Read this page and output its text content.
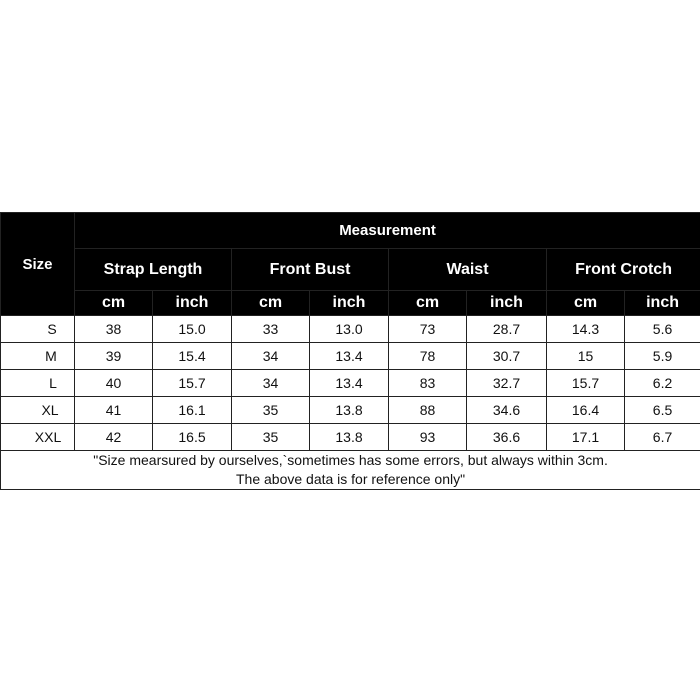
Size	Measurement							
	Strap Length		Front Bust		Waist		Front Crotch	
	cm	inch	cm	inch	cm	inch	cm	inch
S	38	15.0	33	13.0	73	28.7	14.3	5.6
M	39	15.4	34	13.4	78	30.7	15	5.9
L	40	15.7	34	13.4	83	32.7	15.7	6.2
XL	41	16.1	35	13.8	88	34.6	16.4	6.5
XXL	42	16.5	35	13.8	93	36.6	17.1	6.7

"Size mearsured by ourselves,`sometimes has some errors, but always within 3cm.
The above data is for reference only"								
